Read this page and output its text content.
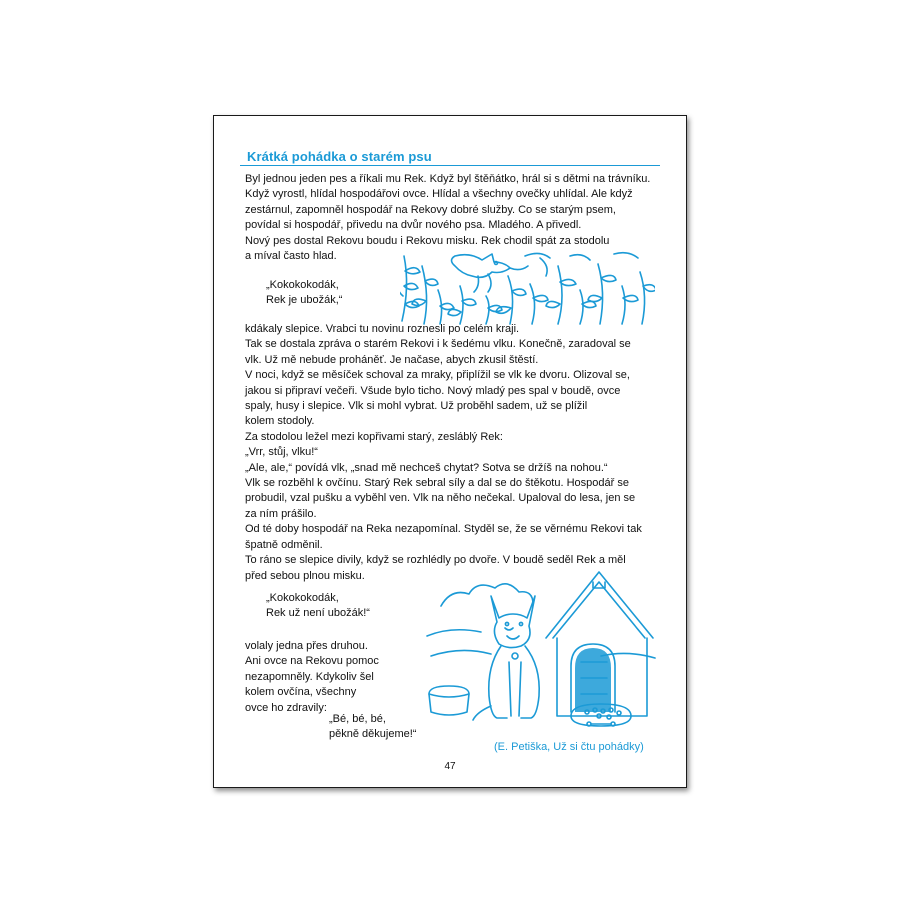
Krátká pohádka o starém psu

Byl jednou jeden pes a říkali mu Rek. Když byl štěňátko, hrál si s dětmi na trávníku.
Když vyrostl, hlídal hospodářovi ovce. Hlídal a všechny ovečky uhlídal. Ale když
zestárnul, zapomněl hospodář na Rekovy dobré služby. Co se starým psem,
povídal si hospodář, přivedu na dvůr nového psa. Mladého. A přivedl.
Nový pes dostal Rekovu boudu i Rekovu misku. Rek chodil spát za stodolu
a míval často hlad.

„Kokokokodák,
Rek je ubožák,“

kdákaly slepice. Vrabci tu novinu roznesli po celém kraji.
Tak se dostala zpráva o starém Rekovi i k šedému vlku. Konečně, zaradoval se
vlk. Už mě nebude proháněť. Je načase, abych zkusil štěstí.
V noci, když se měsíček schoval za mraky, připlížil se vlk ke dvoru. Olizoval se,
jakou si připraví večeři. Všude bylo ticho. Nový mladý pes spal v boudě, ovce
spaly, husy i slepice. Vlk si mohl vybrat. Už proběhl sadem, už se plížil
kolem stodoly.
Za stodolou ležel mezi kopřivami starý, zesláblý Rek:
„Vrr, stůj, vlku!“
„Ale, ale,“ povídá vlk, „snad mě nechceš chytat? Sotva se držíš na nohou.“
Vlk se rozběhl k ovčínu. Starý Rek sebral síly a dal se do štěkotu. Hospodář se
probudil, vzal pušku a vyběhl ven. Vlk na něho nečekal. Upaloval do lesa, jen se
za ním prášilo.
Od té doby hospodář na Reka nezapomínal. Styděl se, že se věrnému Rekovi tak
špatně odměnil.
To ráno se slepice divily, když se rozhlédly po dvoře. V boudě seděl Rek a měl
před sebou plnou misku.

„Kokokokodák,
Rek už není ubožák!“

volaly jedna přes druhou.
Ani ovce na Rekovu pomoc
nezapomněly. Kdykoliv šel
kolem ovčína, všechny
ovce ho zdravily:

„Bé, bé, bé,
pěkně děkujeme!“

(E. Petiška, Už si čtu pohádky)
47
